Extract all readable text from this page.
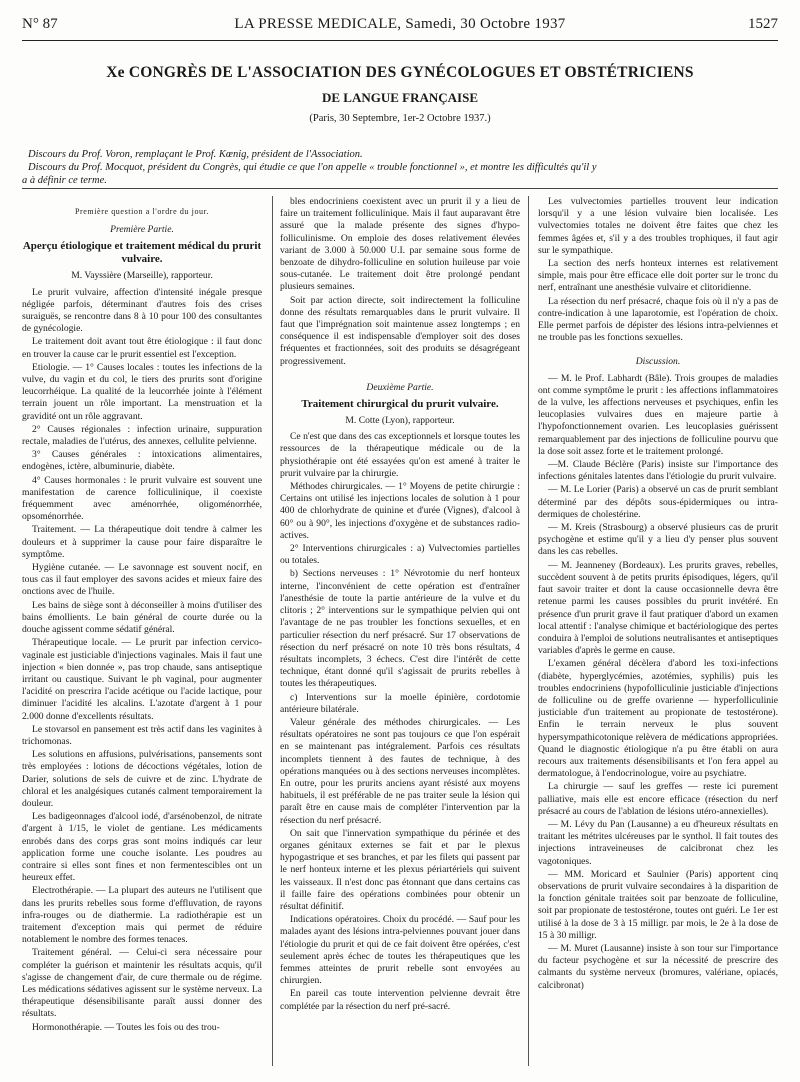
N° 87	LA PRESSE MEDICALE, Samedi, 30 Octobre 1937	1527
Xe CONGRÈS DE L'ASSOCIATION DES GYNÉCOLOGUES ET OBSTÉTRICIENS
DE LANGUE FRANÇAISE
(Paris, 30 Septembre, 1er-2 Octobre 1937.)
Discours du Prof. Voron, remplaçant le Prof. Kœnig, président de l'Association.
Discours du Prof. Mocquot, président du Congrès, qui étudie ce que l'on appelle « trouble fonctionnel », et montre les difficultés qu'il y
a à définir ce terme.

Première question a l'ordre du jour.

Première Partie.

Aperçu étiologique et traitement médical du prurit vulvaire.

M. Vayssière (Marseille), rapporteur.

Le prurit vulvaire, affection d'intensité inégale presque négligée parfois, déterminant d'autres fois des crises suraiguës, se rencontre dans 8 à 10 pour 100 des consultantes de gynécologie.

Le traitement doit avant tout être étiologique : il faut donc en trouver la cause car le prurit essentiel est l'exception.

Etiologie. — 1° Causes locales : toutes les infections de la vulve, du vagin et du col, le tiers des prurits sont d'origine leucorrhéique. La qualité de la leucorrhée jointe à l'élément terrain jouent un rôle important. La menstruation et la gravidité ont un rôle aggravant.

2° Causes régionales : infection urinaire, suppuration rectale, maladies de l'utérus, des annexes, cellulite pelvienne.

3° Causes générales : intoxications alimentaires, endogènes, ictère, albuminurie, diabète.

4° Causes hormonales : le prurit vulvaire est souvent une manifestation de carence folliculinique, il coexiste fréquemment avec aménorrhée, oligoménorrhée, opsoménorrhée.

Traitement. — La thérapeutique doit tendre à calmer les douleurs et à supprimer la cause pour faire disparaître le symptôme.

Hygiène cutanée. — Le savonnage est souvent nocif, en tous cas il faut employer des savons acides et mieux faire des onctions avec de l'huile.

Les bains de siège sont à déconseiller à moins d'utiliser des bains émollients. Le bain général de courte durée ou la douche agissent comme sédatif général.

Thérapeutique locale. — Le prurit par infection cervico-vaginale est justiciable d'injections vaginales. Mais il faut une injection « bien donnée », pas trop chaude, sans antiseptique irritant ou caustique. Suivant le ph vaginal, pour augmenter l'acidité on prescrira l'acide acétique ou l'acide lactique, pour diminuer l'acidité les alcalins. L'azotate d'argent à 1 pour 2.000 donne d'excellents résultats.

Le stovarsol en pansement est très actif dans les vaginites à trichomonas.

Les solutions en affusions, pulvérisations, pansements sont très employées : lotions de décoctions végétales, lotion de Darier, solutions de sels de cuivre et de zinc. L'hydrate de chloral et les analgésiques cutanés calment temporairement la douleur.

Les badigeonnages d'alcool iodé, d'arsénobenzol, de nitrate d'argent à 1/15, le violet de gentiane. Les médicaments enrobés dans des corps gras sont moins indiqués car leur application forme une couche isolante. Les poudres au contraire si elles sont fines et non fermentescibles ont un heureux effet.

Electrothérapie. — La plupart des auteurs ne l'utilisent que dans les prurits rebelles sous forme d'effluvation, de rayons infra-rouges ou de diathermie. La radiothérapie est un traitement d'exception mais qui permet de réduire notablement le nombre des formes tenaces.

Traitement général. — Celui-ci sera nécessaire pour compléter la guérison et maintenir les résultats acquis, qu'il s'agisse de changement d'air, de cure thermale ou de régime. Les médications sédatives agissent sur le système nerveux. La thérapeutique désensibilisante paraît aussi donner des résultats.

Hormonothérapie. — Toutes les fois ou des trou-

bles endocriniens coexistent avec un prurit il y a lieu de faire un traitement folliculinique. Mais il faut auparavant être assuré que la malade présente des signes d'hypo-folliculinisme. On emploie des doses relativement élevées variant de 3.000 à 50.000 U.I. par semaine sous forme de benzoate de dihydro-folliculine en solution huileuse par voie sous-cutanée. Le traitement doit être prolongé pendant plusieurs semaines.

Soit par action directe, soit indirectement la folliculine donne des résultats remarquables dans le prurit vulvaire. Il faut que l'imprégnation soit maintenue assez longtemps ; en conséquence il est indispensable d'employer soit des doses fréquentes et fractionnées, soit des produits se désagrégeant progressivement.

Deuxième Partie.

Traitement chirurgical du prurit vulvaire.

M. Cotte (Lyon), rapporteur.

Ce n'est que dans des cas exceptionnels et lorsque toutes les ressources de la thérapeutique médicale ou de la physiothérapie ont été essayées qu'on est amené à traiter le prurit vulvaire par la chirurgie.

Méthodes chirurgicales. — 1° Moyens de petite chirurgie : Certains ont utilisé les injections locales de solution à 1 pour 400 de chlorhydrate de quinine et d'urée (Vignes), d'alcool à 60° ou à 90°, les injections d'oxygène et de substances radio-actives.

2° Interventions chirurgicales : a) Vulvectomies partielles ou totales.

b) Sections nerveuses : 1° Névrotomie du nerf honteux interne, l'inconvénient de cette opération est d'entraîner l'anesthésie de toute la partie antérieure de la vulve et du clitoris ; 2° interventions sur le sympathique pelvien qui ont l'avantage de ne pas troubler les fonctions sexuelles, et en particulier résection du nerf présacré. Sur 17 observations de résection du nerf présacré on note 10 très bons résultats, 4 résultats incomplets, 3 échecs. C'est dire l'intérêt de cette technique, étant donné qu'il s'agissait de prurits rebelles à toutes les thérapeutiques.

c) Interventions sur la moelle épinière, cordotomie antérieure bilatérale.

Valeur générale des méthodes chirurgicales. — Les résultats opératoires ne sont pas toujours ce que l'on espérait en se maintenant pas intégralement. Parfois ces résultats incomplets tiennent à des fautes de technique, à des opérations manquées ou à des sections nerveuses incomplètes. En outre, pour les prurits anciens ayant résisté aux moyens habituels, il est préférable de ne pas traiter seule la lésion qui paraît être en cause mais de compléter l'intervention par la résection du nerf présacré.

On sait que l'innervation sympathique du périnée et des organes génitaux externes se fait et par le plexus hypogastrique et ses branches, et par les filets qui passent par le nerf honteux interne et les plexus périartériels qui suivent les vaisseaux. Il n'est donc pas étonnant que dans certains cas il faille faire des opérations combinées pour obtenir un résultat définitif.

Indications opératoires. Choix du procédé. — Sauf pour les malades ayant des lésions intra-pelviennes pouvant jouer dans l'étiologie du prurit et qui de ce fait doivent être opérées, c'est seulement après échec de toutes les thérapeutiques que les femmes atteintes de prurit rebelle sont envoyées au chirurgien.

En pareil cas toute intervention pelvienne devrait être complétée par la résection du nerf pré-sacré.

Les vulvectomies partielles trouvent leur indication lorsqu'il y a une lésion vulvaire bien localisée. Les vulvectomies totales ne doivent être faites que chez les femmes âgées et, s'il y a des troubles trophiques, il faut agir sur le sympathique.

La section des nerfs honteux internes est relativement simple, mais pour être efficace elle doit porter sur le tronc du nerf, entraînant une anesthésie vulvaire et clitoridienne.

La résection du nerf présacré, chaque fois où il n'y a pas de contre-indication à une laparotomie, est l'opération de choix. Elle permet parfois de dépister des lésions intra-pelviennes et ne trouble pas les fonctions sexuelles.

Discussion.

— M. le Prof. Labhardt (Bâle). Trois groupes de maladies ont comme symptôme le prurit : les affections inflammatoires de la vulve, les affections nerveuses et psychiques, enfin les leucoplasies vulvaires dues en majeure partie à l'hypofonctionnement ovarien. Les leucoplasies guérissent remarquablement par des injections de folliculine pourvu que la dose soit assez forte et le traitement prolongé.

—M. Claude Béclère (Paris) insiste sur l'importance des infections génitales latentes dans l'étiologie du prurit vulvaire.

— M. Le Lorier (Paris) a observé un cas de prurit semblant déterminé par des dépôts sous-épidermiques ou intra-dermiques de cholestérine.

— M. Kreis (Strasbourg) a observé plusieurs cas de prurit psychogène et estime qu'il y a lieu d'y penser plus souvent dans les cas rebelles.

— M. Jeanneney (Bordeaux). Les prurits graves, rebelles, succèdent souvent à de petits prurits épisodiques, légers, qu'il faut savoir traiter et dont la cause occasionnelle devra être retenue parmi les causes possibles du prurit invétéré. En présence d'un prurit grave il faut pratiquer d'abord un examen local attentif : l'analyse chimique et bactériologique des pertes conduira à l'emploi de solutions neutralisantes et antiseptiques variables d'après le germe en cause.

L'examen général décèlera d'abord les toxi-infections (diabète, hyperglycémies, azotémies, syphilis) puis les troubles endocriniens (hypofolliculinie justiciable d'injections de folliculine ou de greffe ovarienne — hyperfolliculinie justiciable d'un traitement au propionate de testostérone). Enfin le terrain nerveux le plus souvent hypersympathicotonique relèvera de médications appropriées. Quand le diagnostic étiologique n'a pu être établi on aura recours aux traitements désensibilisants et l'on fera appel au dermatologue, à l'endocrinologue, voire au psychiatre.

La chirurgie — sauf les greffes — reste ici purement palliative, mais elle est encore efficace (résection du nerf présacré au cours de l'ablation de lésions utéro-annexielles).

— M. Lévy du Pan (Lausanne) a eu d'heureux résultats en traitant les métrites ulcéreuses par le synthol. Il fait toutes des injections intraveineuses de calcibronat chez les vagotoniques.

— MM. Moricard et Saulnier (Paris) apportent cinq observations de prurit vulvaire secondaires à la disparition de la fonction génitale traitées soit par benzoate de folliculine, soit par propionate de testostérone, toutes ont guéri. Le 1er est utilisé à la dose de 3 à 15 milligr. par mois, le 2e à la dose de 15 à 30 milligr.

— M. Muret (Lausanne) insiste à son tour sur l'importance du facteur psychogène et sur la nécessité de prescrire des calmants du système nerveux (bromures, valériane, opiacés, calcibronat)
